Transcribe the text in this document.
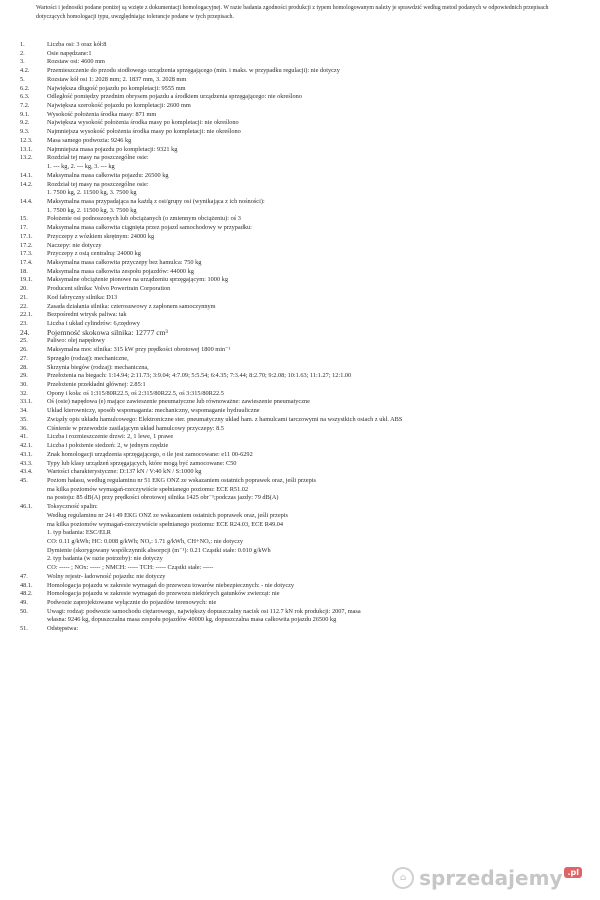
Wartości i jednostki podane poniżej są wzięte z dokumentacji homologacyjnej. W razie badania zgodności produkcji z typem homologowanym należy je sprawdzić według metod podanych w odpowiednich przepisach dotyczących homologacji typu, uwzględniając tolerancje podane w tych przepisach.
1.	Liczba osi: 3 oraz kół:8
2.	Osie napędzane:1
3.	Rozstaw osi: 4600 mm
4.2.	Przemieszczenie do przodu siodłowego urządzenia sprzęgającego (min. i maks. w przypadku regulacji): nie dotyczy
5.	Rozstaw kół osi 1: 2028 mm; 2. 1837 mm, 3. 2028 mm
6.2.	Największa długość pojazdu po kompletacji: 9555 mm
6.3.	Odległość pomiędzy przednim obrysem pojazdu a środkiem urządzenia sprzęgającego: nie określono
7.2.	Największa szerokość pojazdu po kompletacji: 2600 mm
9.1.	Wysokość położenia środka masy: 871 mm
9.2.	Największa wysokość położenia środka masy po kompletacji: nie określono
9.3.	Najmniejsza wysokość położenia środka masy po kompletacji: nie określono
12.3.	Masa samego podwozia: 9246 kg
13.1.	Najmniejsza masa pojazdu po kompletacji: 9321 kg
13.2.	Rozdział tej masy na poszczególne osie:
1. --- kg, 2. --- kg, 3. --- kg
14.1.	Maksymalna masa całkowita pojazdu: 26500 kg
14.2.	Rozdział tej masy na poszczególne osie:
1. 7500 kg, 2. 11500 kg, 3. 7500 kg
14.4.	Maksymalna masa przypadająca na każdą z osi/grupy osi (wynikająca z ich nośności):
1. 7500 kg, 2. 11500 kg, 3. 7500 kg
15.	Położenie osi podnoszonych lub obciążanych (o zmiennym obciążeniu): oś 3
17.	Maksymalna masa całkowita ciągnięta przez pojazd samochodowy w przypadku:
17.1.	Przyczepy z wózkiem skrętnym: 24000 kg
17.2.	Naczepy: nie dotyczy
17.3.	Przyczepy z osią centralną: 24000 kg
17.4.	Maksymalna masa całkowita przyczepy bez hamulca: 750 kg
18.	Maksymalna masa całkowita zespołu pojazdów: 44000 kg
19.1.	Maksymalne obciążenie pionowe na urządzeniu sprzęgającym: 1000 kg
20.	Producent silnika: Volvo Powertrain Corporation
21.	Kod fabryczny silnika: D13
22.	Zasada działania silnika: czterosuwowy z zapłonem samoczynnym
22.1.	Bezpośredni wtrysk paliwa: tak
23.	Liczba i układ cylindrów: 6,rzędowy
24.	Pojemność skokowa silnika: 12777 cm³
25.	Paliwo: olej napędowy
26.	Maksymalna moc silnika: 315 kW przy prędkości obrotowej 1800 min⁻¹
27.	Sprzęgło (rodzaj): mechaniczne,
28.	Skrzynia biegów (rodzaj): mechaniczna,
29.	Przełożenia na biegach: 1:14.94; 2:11.73; 3:9.04; 4:7.09; 5:5.54; 6:4.35; 7:3.44; 8:2.70; 9:2.08; 10:1.63; 11:1.27; 12:1.00
30.	Przełożenie przekładni głównej: 2.85:1
32.	Opony i koła: oś 1:315/80R22.5, oś 2:315/80R22.5, oś 3:315/80R22.5
33.1.	Oś (osie) napędowa (e) mające zawieszenie pneumatyczne lub równoważne: zawieszenie pneumatyczne
34.	Układ kierowniczy, sposób wspomagania: mechaniczny, wspomaganie hydrauliczne
35.	Związły opis układu hamulcowego: Elektroniczne ster. pneumatyczny układ ham. z hamulcami tarczowymi na wszystkich osiach z ukł. ABS
36.	Ciśnienie w przewodzie zasilającym układ hamulcowy przyczepy: 8.5
41.	Liczba i rozmieszczenie drzwi: 2, 1 lewe, 1 prawe
42.1.	Liczba i położenie siedzeń: 2, w jednym rzędzie
43.1.	Znak homologacji urządzenia sprzęgającego, o ile jest zamocowane: e11 00-6292
43.3.	Typy lub klasy urządzeń sprzęgających, które mogą być zamocowane: C50
43.4.	Wartości charakterystyczne: D:137 kN / V:40 kN / S:1000 kg
45.	Poziom hałasu, według regulaminu nr 51 EKG ONZ ze wskazaniem ostatnich poprawek oraz, jeśli przepis
ma kilka poziomów wymagań-rzeczywiście spełnianego poziomu: ECE R51.02
na postoju: 85 dB(A) przy prędkości obrotowej silnika 1425 obr⁻¹;podczas jazdy: 79 dB(A)
46.1.	Toksyczność spalin:
Według regulaminu nr 24 i 49 EKG ONZ ze wskazaniem ostatnich poprawek oraz, jeśli przepis
ma kilka poziomów wymagań-rzeczywiście spełnianego poziomu: ECE R24.03, ECE R49.04
1. typ badania: ESC/ELR
CO: 0.11 g/kWh; HC: 0.008 g/kWh; NOₓ: 1.71 g/kWh, CH+NOₓ: nie dotyczy
Dymienie (skorygowany współczynnik absorpcji (m⁻¹): 0.21 Cząstki stałe: 0.010 g/kWh
2. typ badania (w razie potrzeby): nie dotyczy
CO: ----- ; NOx: ----- ; NMCH: ----- TCH: ----- Cząstki stałe: -----
47.	Wolny rejestr- ładowność pojazdu: nie dotyczy
48.1.	Homologacja pojazdu w zakresie wymagań do przewozu towarów niebezpiecznych: - nie dotyczy
48.2.	Homologacja pojazdu w zakresie wymagań do przewozu niektórych gatunków zwierząt: nie
49.	Podwozie zaprojektowane wyłącznie do pojazdów terenowych: nie
50.	Uwagi: rodzaj: podwozie samochodu ciężarowego, największy dopuszczalny nacisk osi 112.7 kN rok produkcji: 2007, masa
własna: 9246 kg, dopuszczalna masa zespołu pojazdów 40000 kg, dopuszczalna masa całkowita pojazdu 26500 kg
51.	Odstępstwa:
⌂ sprzedajemy .pl
